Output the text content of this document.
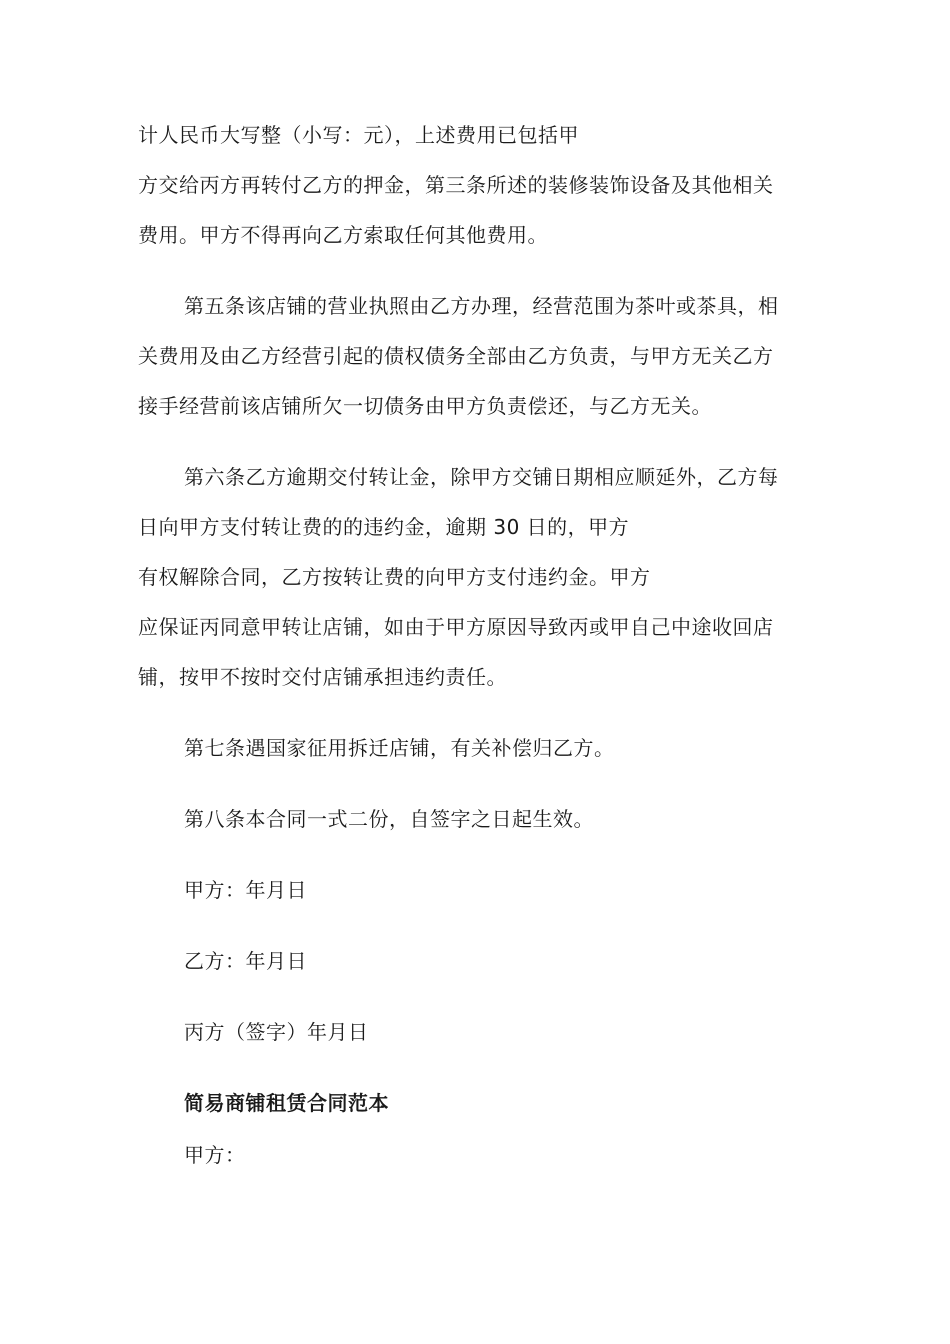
计人民币大写整（小写：元），上述费用已包括甲
方交给丙方再转付乙方的押金，第三条所述的装修装饰设备及其他相关
费用。甲方不得再向乙方索取任何其他费用。
第五条该店铺的营业执照由乙方办理，经营范围为茶叶或茶具，相
关费用及由乙方经营引起的债权债务全部由乙方负责，与甲方无关乙方
接手经营前该店铺所欠一切债务由甲方负责偿还，与乙方无关。
第六条乙方逾期交付转让金，除甲方交铺日期相应顺延外，乙方每
日向甲方支付转让费的的违约金，逾期 30 日的，甲方
有权解除合同，乙方按转让费的向甲方支付违约金。甲方
应保证丙同意甲转让店铺，如由于甲方原因导致丙或甲自己中途收回店
铺，按甲不按时交付店铺承担违约责任。
第七条遇国家征用拆迁店铺，有关补偿归乙方。
第八条本合同一式二份，自签字之日起生效。
甲方：年月日
乙方：年月日
丙方（签字）年月日
简易商铺租赁合同范本
甲方：
